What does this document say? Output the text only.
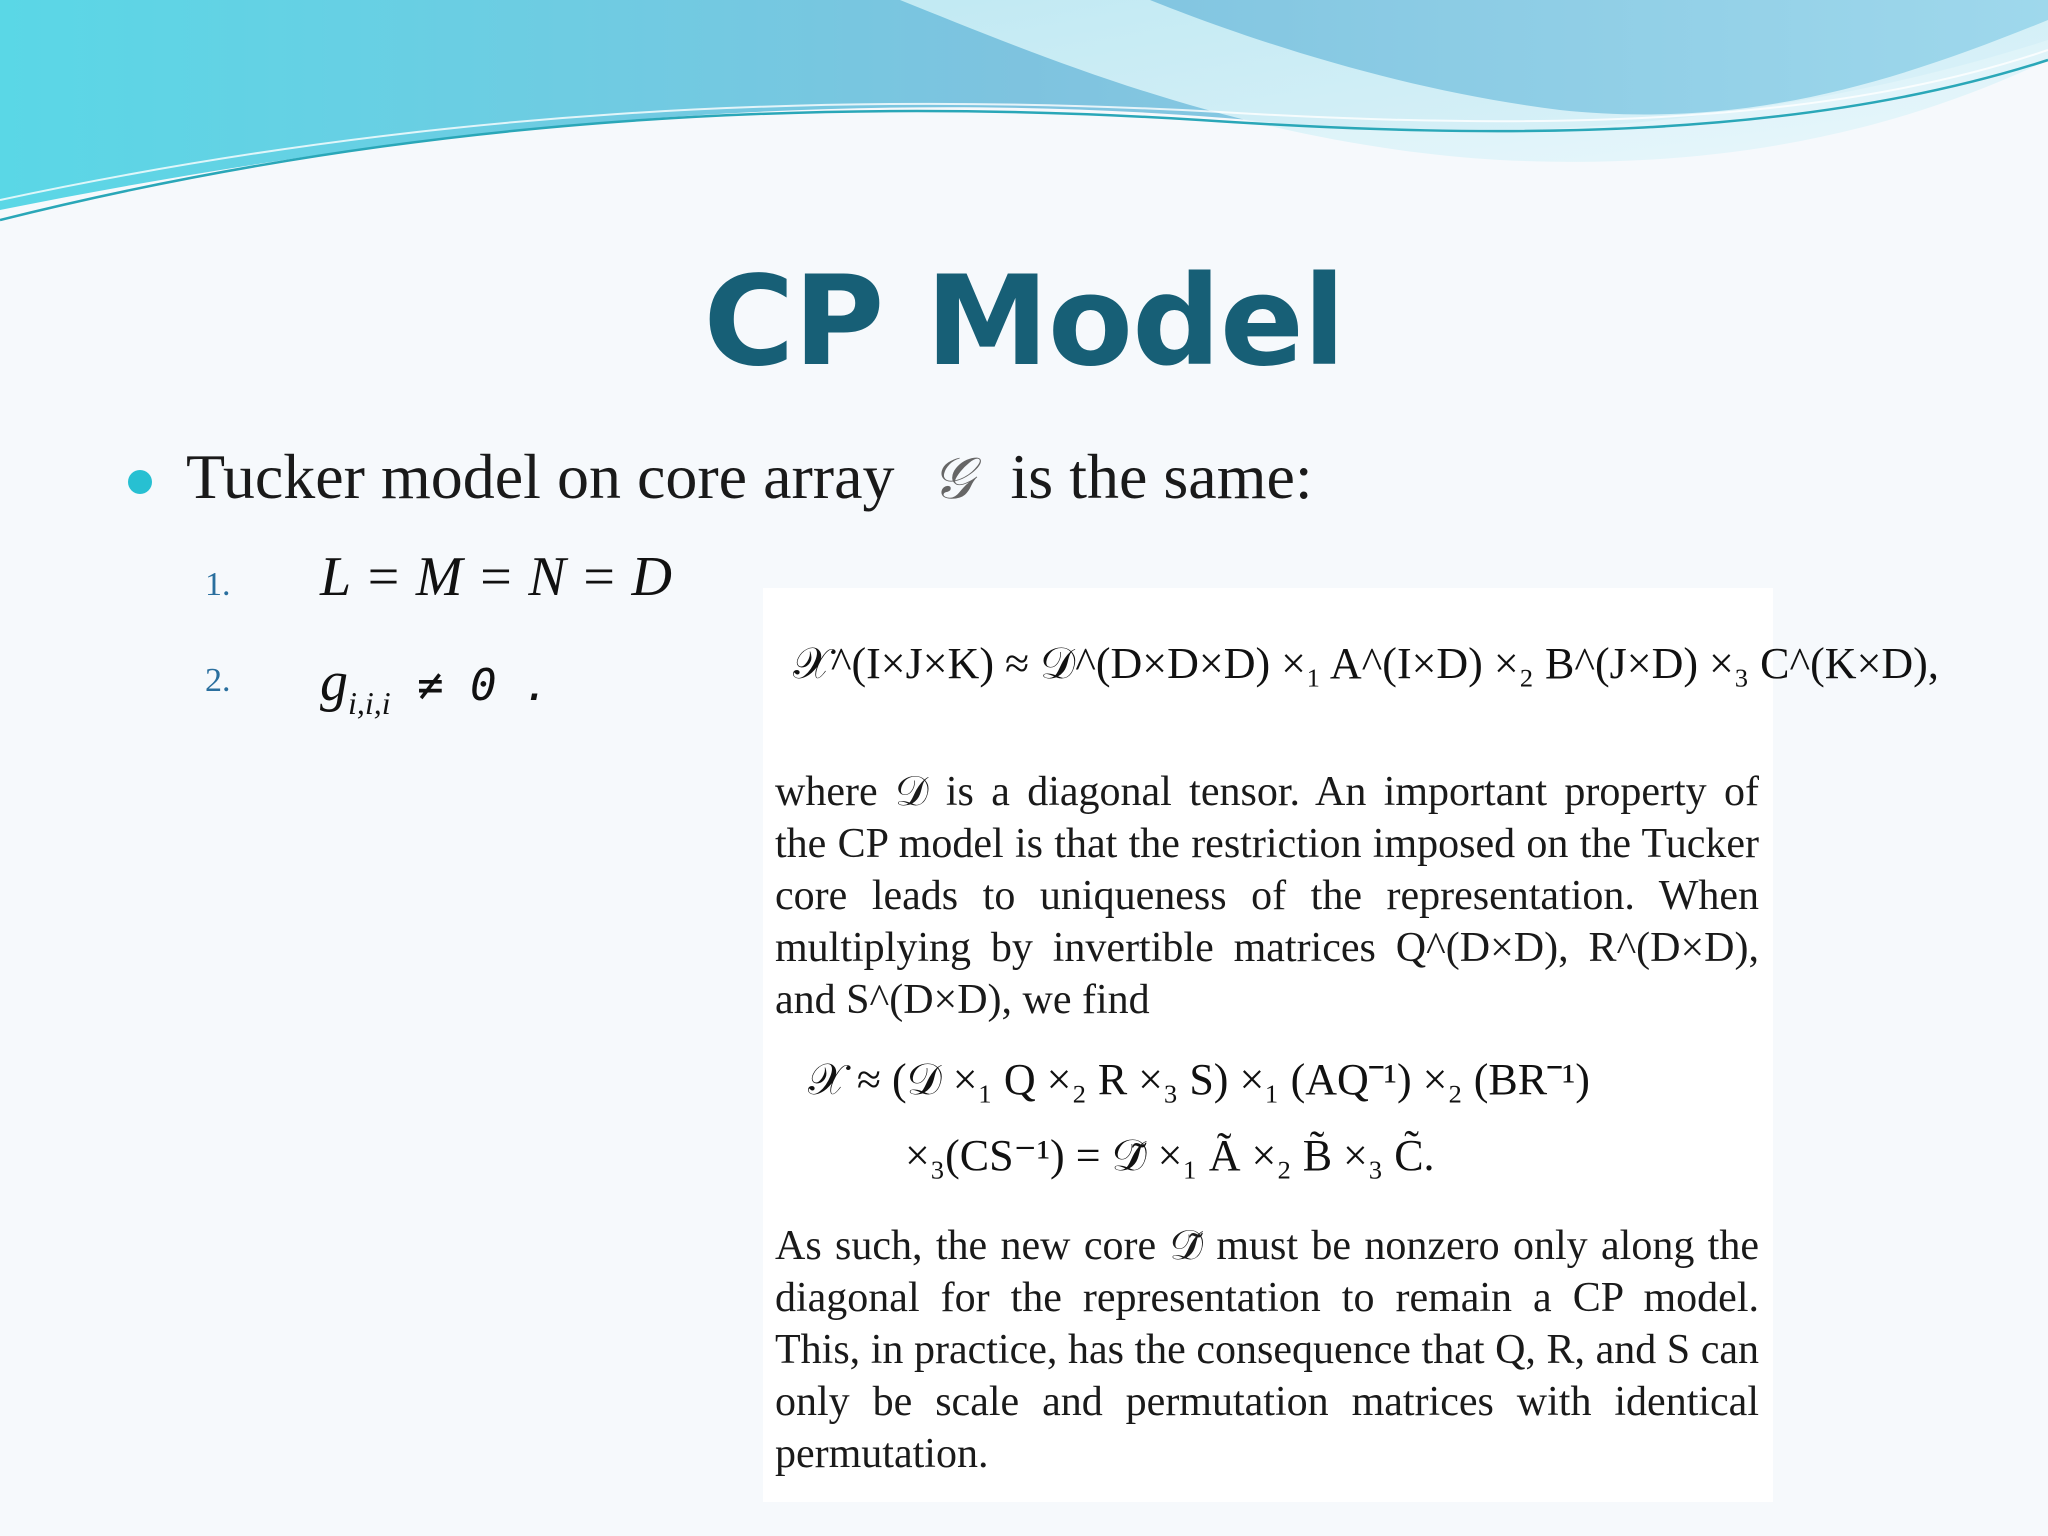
CP Model
Tucker model on core array 𝒢 is the same:
1. L = M = N = D
2. $g_{i,i,i} \ne 0$ .	𝒳^(I×J×K) ≈ 𝒟^(D×D×D) ×₁ A^(I×D) ×₂ B^(J×D) ×₃ C^(K×D),

where 𝒟 is a diagonal tensor. An important property of the CP model is that the restriction imposed on the Tucker core leads to uniqueness of the representation. When multiplying by invertible matrices Q^(D×D), R^(D×D), and S^(D×D), we find

𝒳 ≈ (𝒟 ×₁ Q ×₂ R ×₃ S) ×₁ (AQ⁻¹) ×₂ (BR⁻¹)
×₃(CS⁻¹) = 𝒟̃ ×₁ Ã ×₂ B̃ ×₃ C̃.

As such, the new core 𝒟̃ must be nonzero only along the diagonal for the representation to remain a CP model. This, in practice, has the consequence that Q, R, and S can only be scale and permutation matrices with identical permutation.
